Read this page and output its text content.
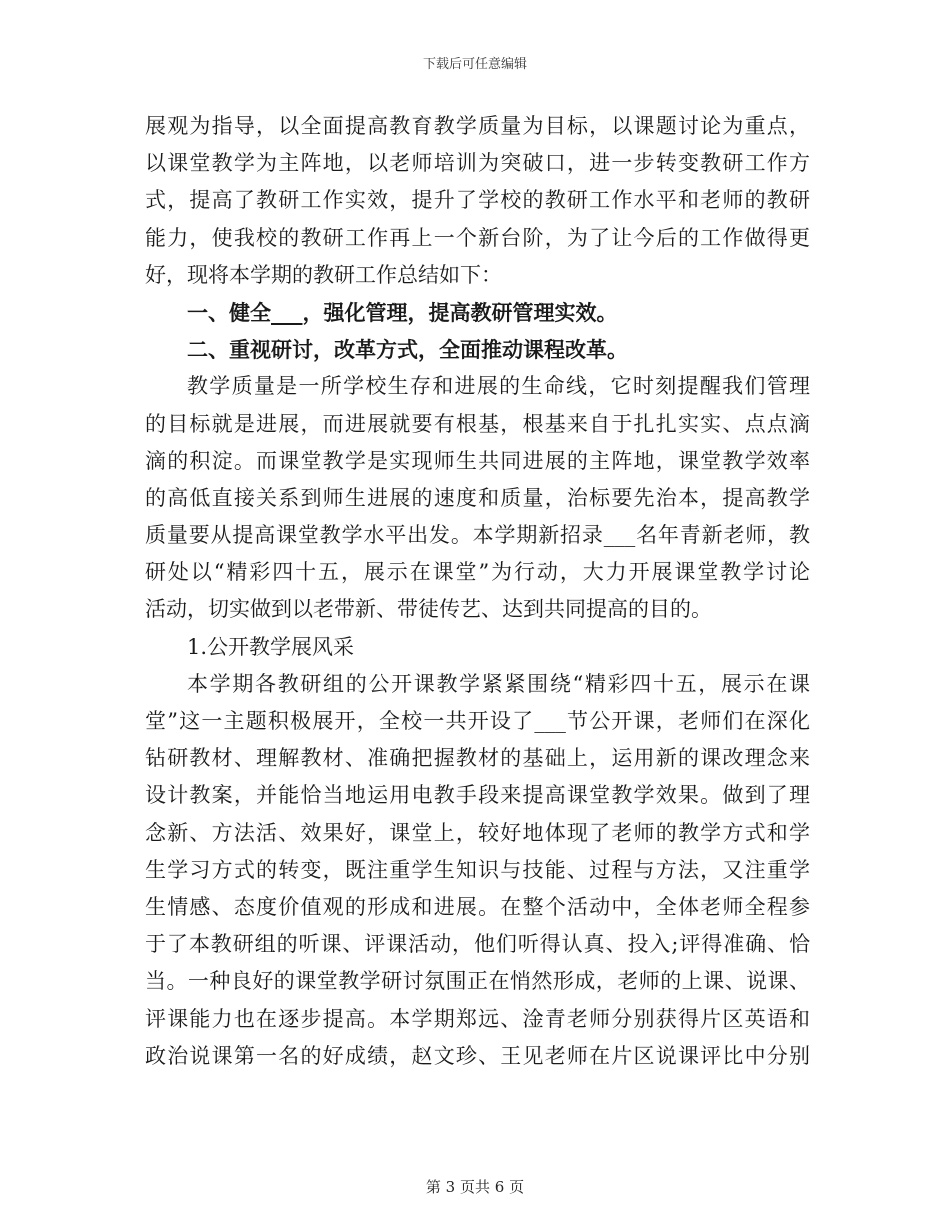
下载后可任意编辑
展观为指导，以全面提高教育教学质量为目标，以课题讨论为重点，
以课堂教学为主阵地，以老师培训为突破口，进一步转变教研工作方
式，提高了教研工作实效，提升了学校的教研工作水平和老师的教研
能力，使我校的教研工作再上一个新台阶，为了让今后的工作做得更
好，现将本学期的教研工作总结如下：
一、健全___，强化管理，提高教研管理实效。
二、重视研讨，改革方式，全面推动课程改革。
教学质量是一所学校生存和进展的生命线，它时刻提醒我们管理
的目标就是进展，而进展就要有根基，根基来自于扎扎实实、点点滴
滴的积淀。而课堂教学是实现师生共同进展的主阵地，课堂教学效率
的高低直接关系到师生进展的速度和质量，治标要先治本，提高教学
质量要从提高课堂教学水平出发。本学期新招录___名年青新老师，教
研处以“精彩四十五，展示在课堂”为行动，大力开展课堂教学讨论
活动，切实做到以老带新、带徒传艺、达到共同提高的目的。
1.公开教学展风采
本学期各教研组的公开课教学紧紧围绕“精彩四十五，展示在课
堂”这一主题积极展开，全校一共开设了___节公开课，老师们在深化
钻研教材、理解教材、准确把握教材的基础上，运用新的课改理念来
设计教案，并能恰当地运用电教手段来提高课堂教学效果。做到了理
念新、方法活、效果好，课堂上，较好地体现了老师的教学方式和学
生学习方式的转变，既注重学生知识与技能、过程与方法，又注重学
生情感、态度价值观的形成和进展。在整个活动中，全体老师全程参
于了本教研组的听课、评课活动，他们听得认真、投入;评得准确、恰
当。一种良好的课堂教学研讨氛围正在悄然形成，老师的上课、说课、
评课能力也在逐步提高。本学期郑远、淦青老师分别获得片区英语和
政治说课第一名的好成绩，赵文珍、王见老师在片区说课评比中分别
第 3 页共 6 页
